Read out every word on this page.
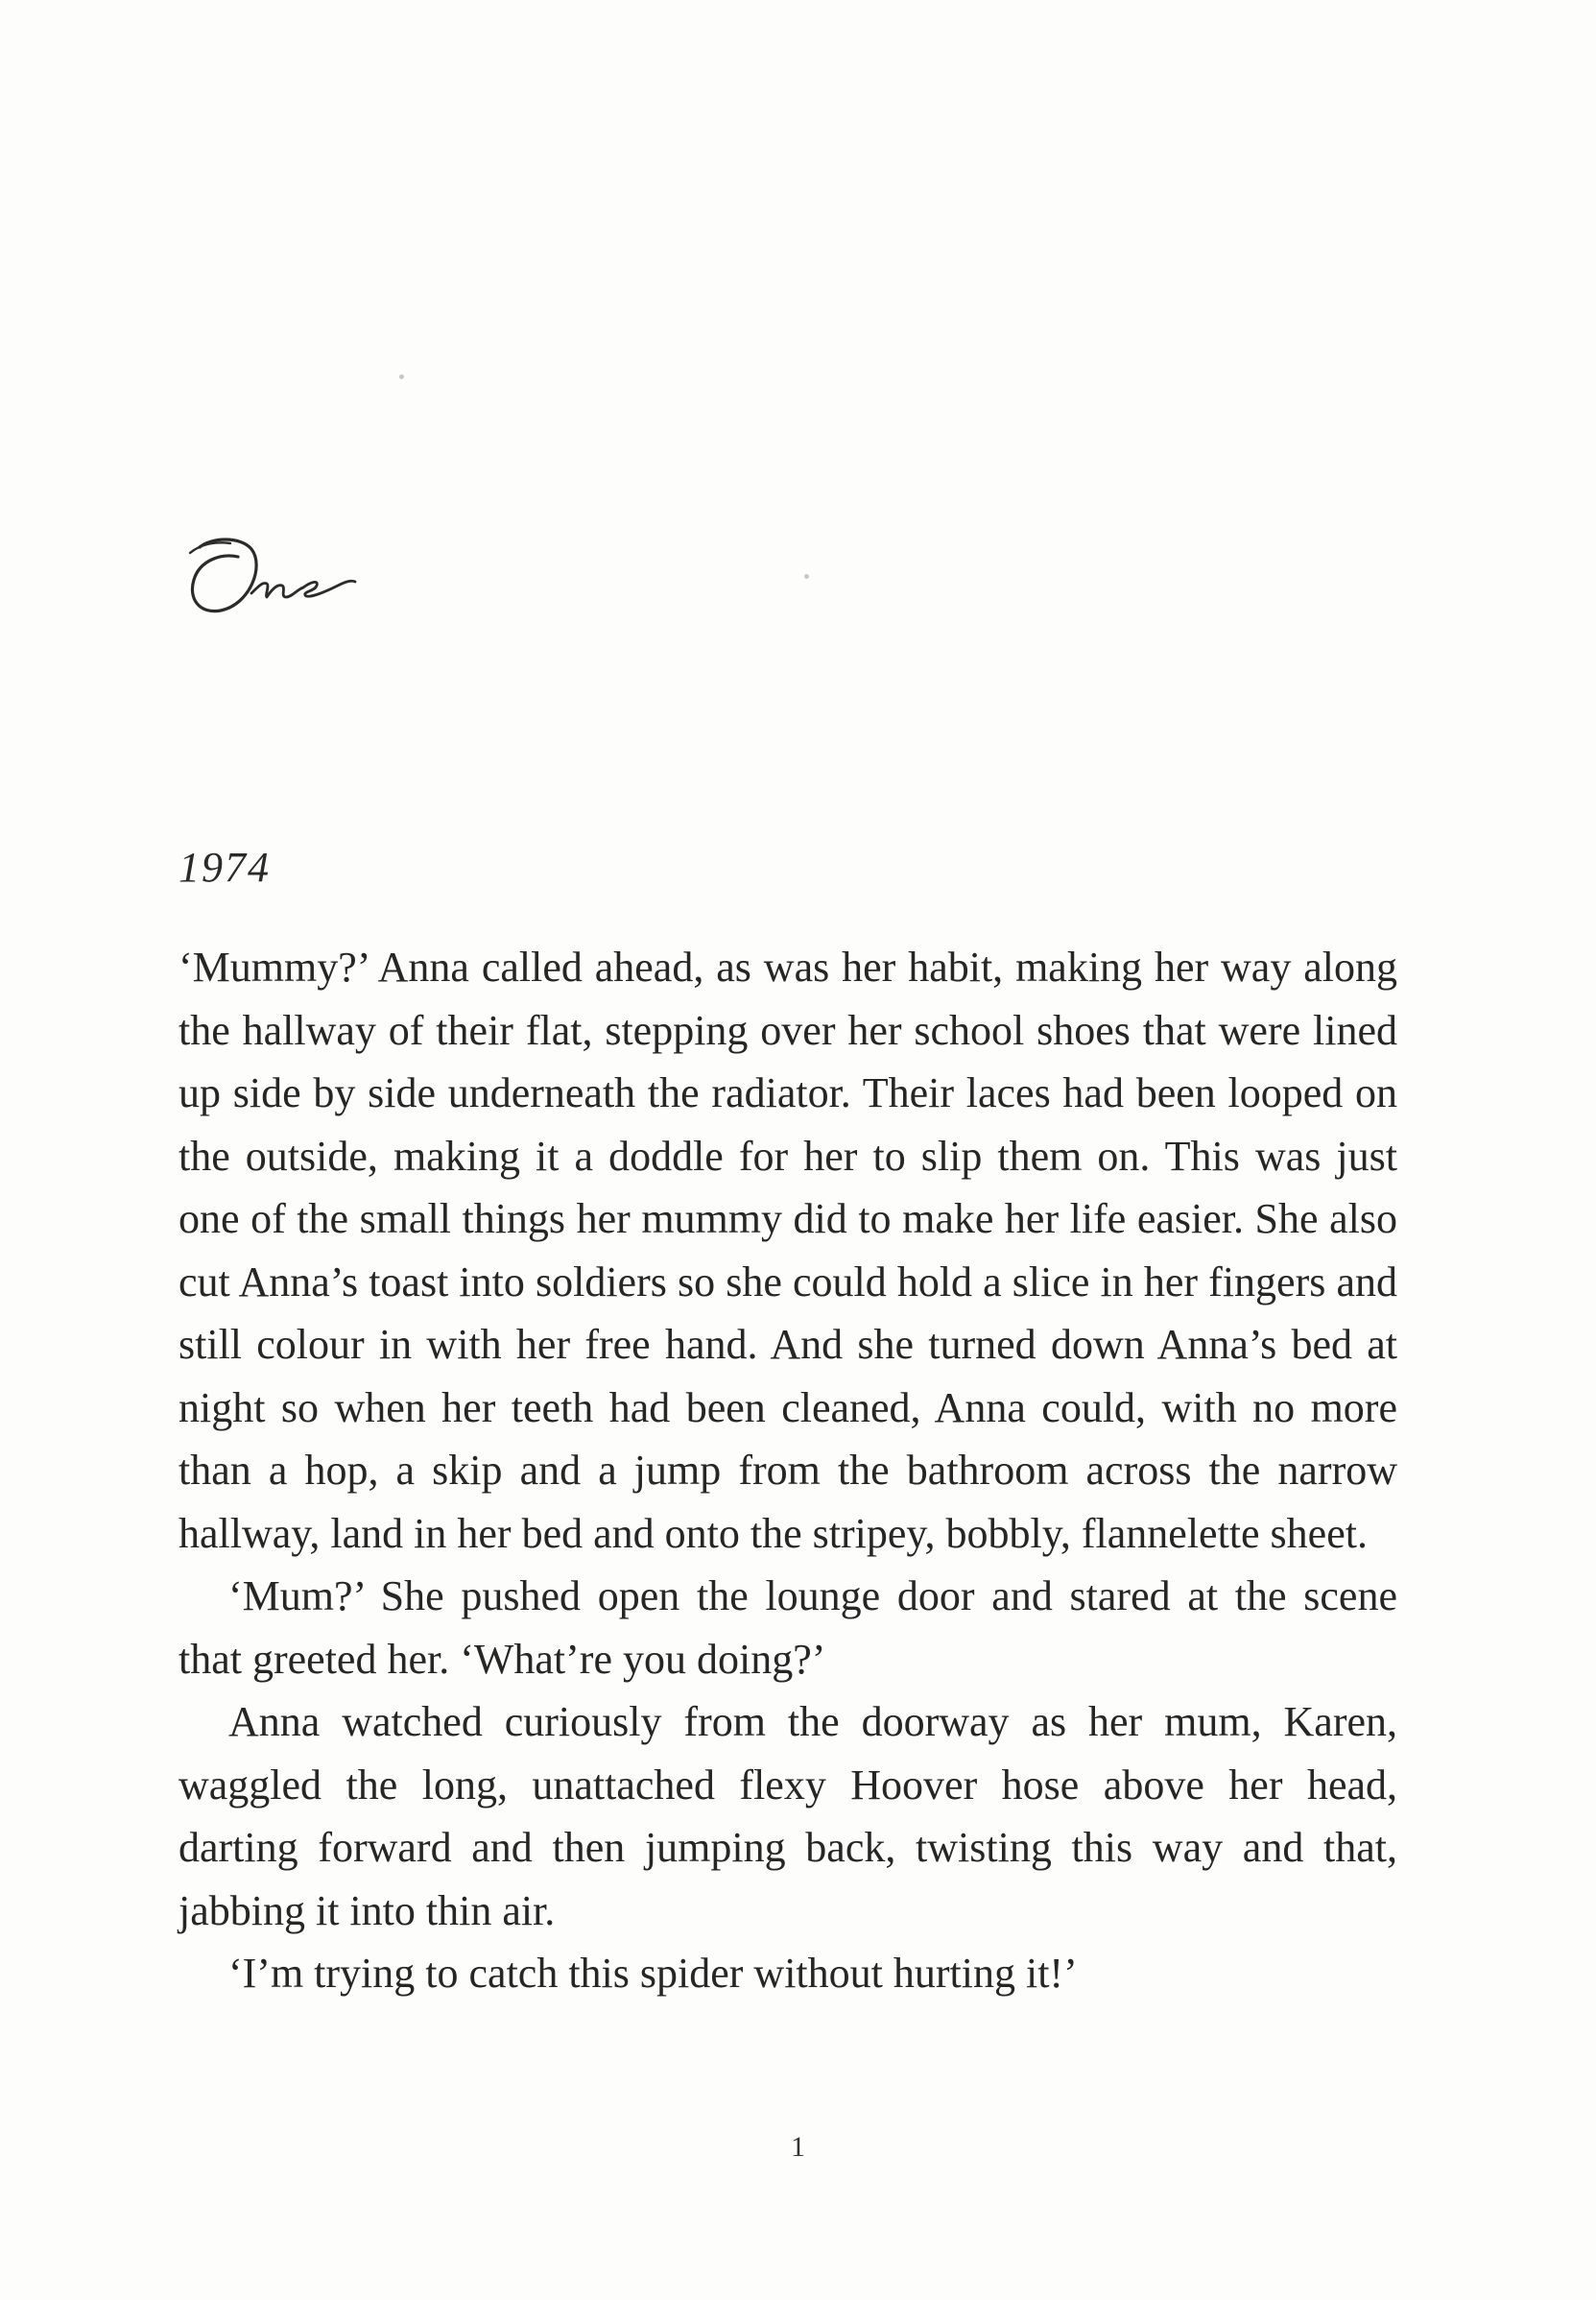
1974

‘Mummy?’ Anna called ahead, as was her habit, making her way along the hallway of their flat, stepping over her school shoes that were lined up side by side underneath the radiator. Their laces had been looped on the outside, making it a doddle for her to slip them on. This was just one of the small things her mummy did to make her life easier. She also cut Anna’s toast into soldiers so she could hold a slice in her fingers and still colour in with her free hand. And she turned down Anna’s bed at night so when her teeth had been cleaned, Anna could, with no more than a hop, a skip and a jump from the bathroom across the narrow hallway, land in her bed and onto the stripey, bobbly, flannelette sheet.

‘Mum?’ She pushed open the lounge door and stared at the scene that greeted her. ‘What’re you doing?’

Anna watched curiously from the doorway as her mum, Karen, waggled the long, unattached flexy Hoover hose above her head, darting forward and then jumping back, twisting this way and that, jabbing it into thin air.

‘I’m trying to catch this spider without hurting it!’

1
